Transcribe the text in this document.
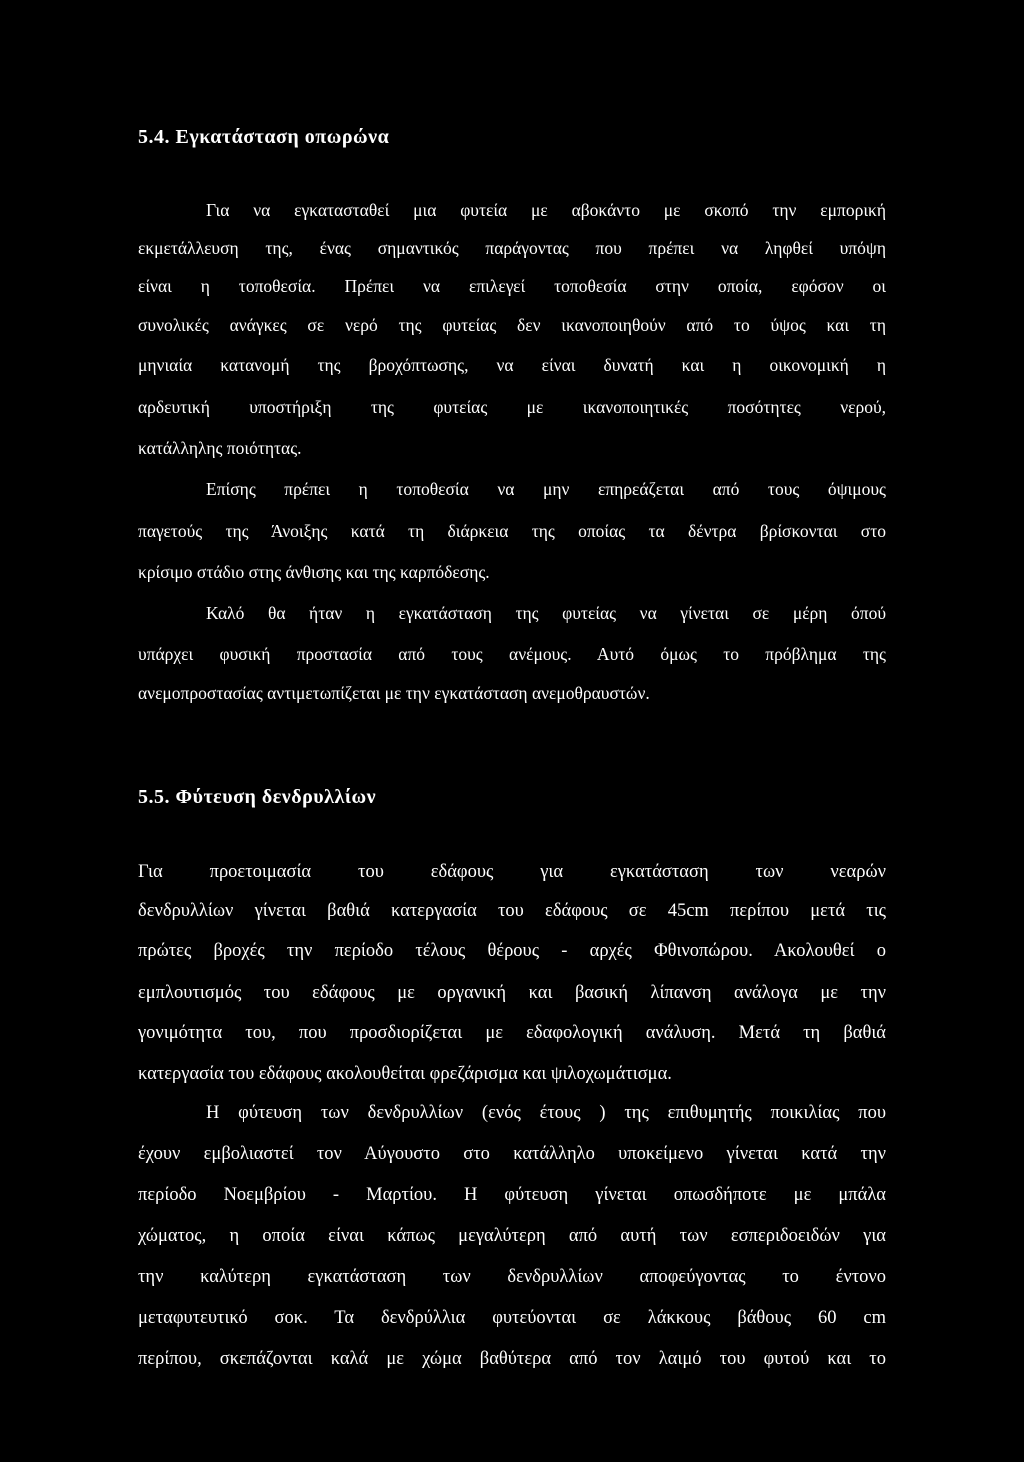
5.4. Εγκατάσταση οπωρώνα
Για να εγκατασταθεί μια φυτεία με αβοκάντο με σκοπό την εμπορική
εκμετάλλευση της, ένας σημαντικός παράγοντας που πρέπει να ληφθεί υπόψη
είναι η τοποθεσία. Πρέπει να επιλεγεί τοποθεσία στην οποία, εφόσον οι
συνολικές ανάγκες σε νερό της φυτείας δεν ικανοποιηθούν από το ύψος και τη
μηνιαία κατανομή της βροχόπτωσης, να είναι δυνατή και η οικονομική η
αρδευτική υποστήριξη της φυτείας με ικανοποιητικές ποσότητες νερού,
κατάλληλης ποιότητας.
Επίσης πρέπει η τοποθεσία να μην επηρεάζεται από τους όψιμους
παγετούς της Άνοιξης κατά τη διάρκεια της οποίας τα δέντρα βρίσκονται στο
κρίσιμο στάδιο στης άνθισης και της καρπόδεσης.
Καλό θα ήταν η εγκατάσταση της φυτείας να γίνεται σε μέρη όπού
υπάρχει φυσική προστασία από τους ανέμους. Αυτό όμως το πρόβλημα της
ανεμοπροστασίας αντιμετωπίζεται με την εγκατάσταση ανεμοθραυστών.
5.5. Φύτευση δενδρυλλίων
Για προετοιμασία του εδάφους για εγκατάσταση των νεαρών
δενδρυλλίων γίνεται βαθιά κατεργασία του εδάφους σε 45cm περίπου μετά τις
πρώτες βροχές την περίοδο τέλους θέρους - αρχές Φθινοπώρου. Ακολουθεί ο
εμπλουτισμός του εδάφους με οργανική και βασική λίπανση ανάλογα με την
γονιμότητα του, που προσδιορίζεται με εδαφολογική ανάλυση. Μετά τη βαθιά
κατεργασία του εδάφους ακολουθείται φρεζάρισμα και ψιλοχωμάτισμα.
Η φύτευση των δενδρυλλίων (ενός έτους ) της επιθυμητής ποικιλίας που
έχουν εμβολιαστεί τον Αύγουστο στο κατάλληλο υποκείμενο γίνεται κατά την
περίοδο Νοεμβρίου - Μαρτίου. Η φύτευση γίνεται οπωσδήποτε με μπάλα
χώματος, η οποία είναι κάπως μεγαλύτερη από αυτή των εσπεριδοειδών για
την καλύτερη εγκατάσταση των δενδρυλλίων αποφεύγοντας το έντονο
μεταφυτευτικό σοκ. Τα δενδρύλλια φυτεύονται σε λάκκους βάθους 60 cm
περίπου, σκεπάζονται καλά με χώμα βαθύτερα από τον λαιμό του φυτού και το
